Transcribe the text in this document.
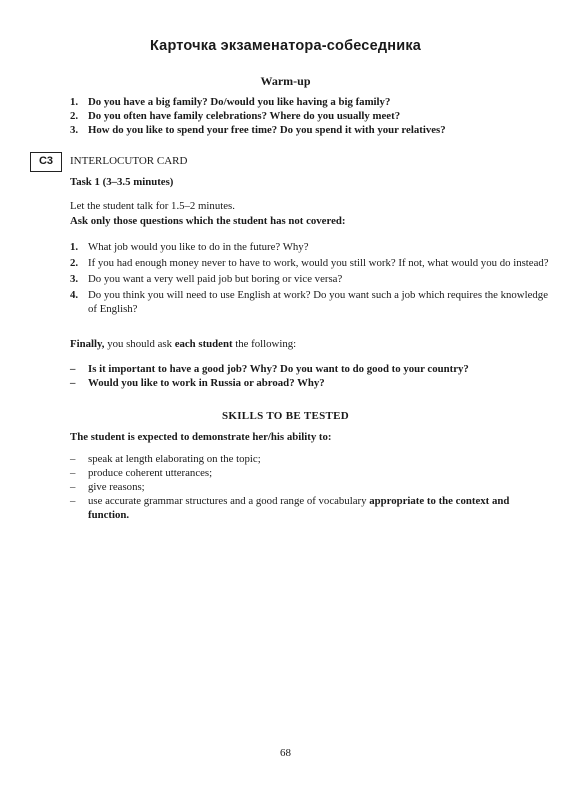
Карточка экзаменатора-собеседника
Warm-up
1. Do you have a big family? Do/would you like having a big family?
2. Do you often have family celebrations? Where do you usually meet?
3. How do you like to spend your free time? Do you spend it with your relatives?
C3	INTERLOCUTOR CARD
Task 1 (3–3.5 minutes)
Let the student talk for 1.5–2 minutes.
Ask only those questions which the student has not covered:
1. What job would you like to do in the future? Why?
2. If you had enough money never to have to work, would you still work? If not, what would you do instead?
3. Do you want a very well paid job but boring or vice versa?
4. Do you think you will need to use English at work? Do you want such a job which requires the knowledge of English?
Finally, you should ask each student the following:
– Is it important to have a good job? Why? Do you want to do good to your country?
– Would you like to work in Russia or abroad? Why?
SKILLS TO BE TESTED
The student is expected to demonstrate her/his ability to:
– speak at length elaborating on the topic;
– produce coherent utterances;
– give reasons;
– use accurate grammar structures and a good range of vocabulary appropriate to the context and function.
68
